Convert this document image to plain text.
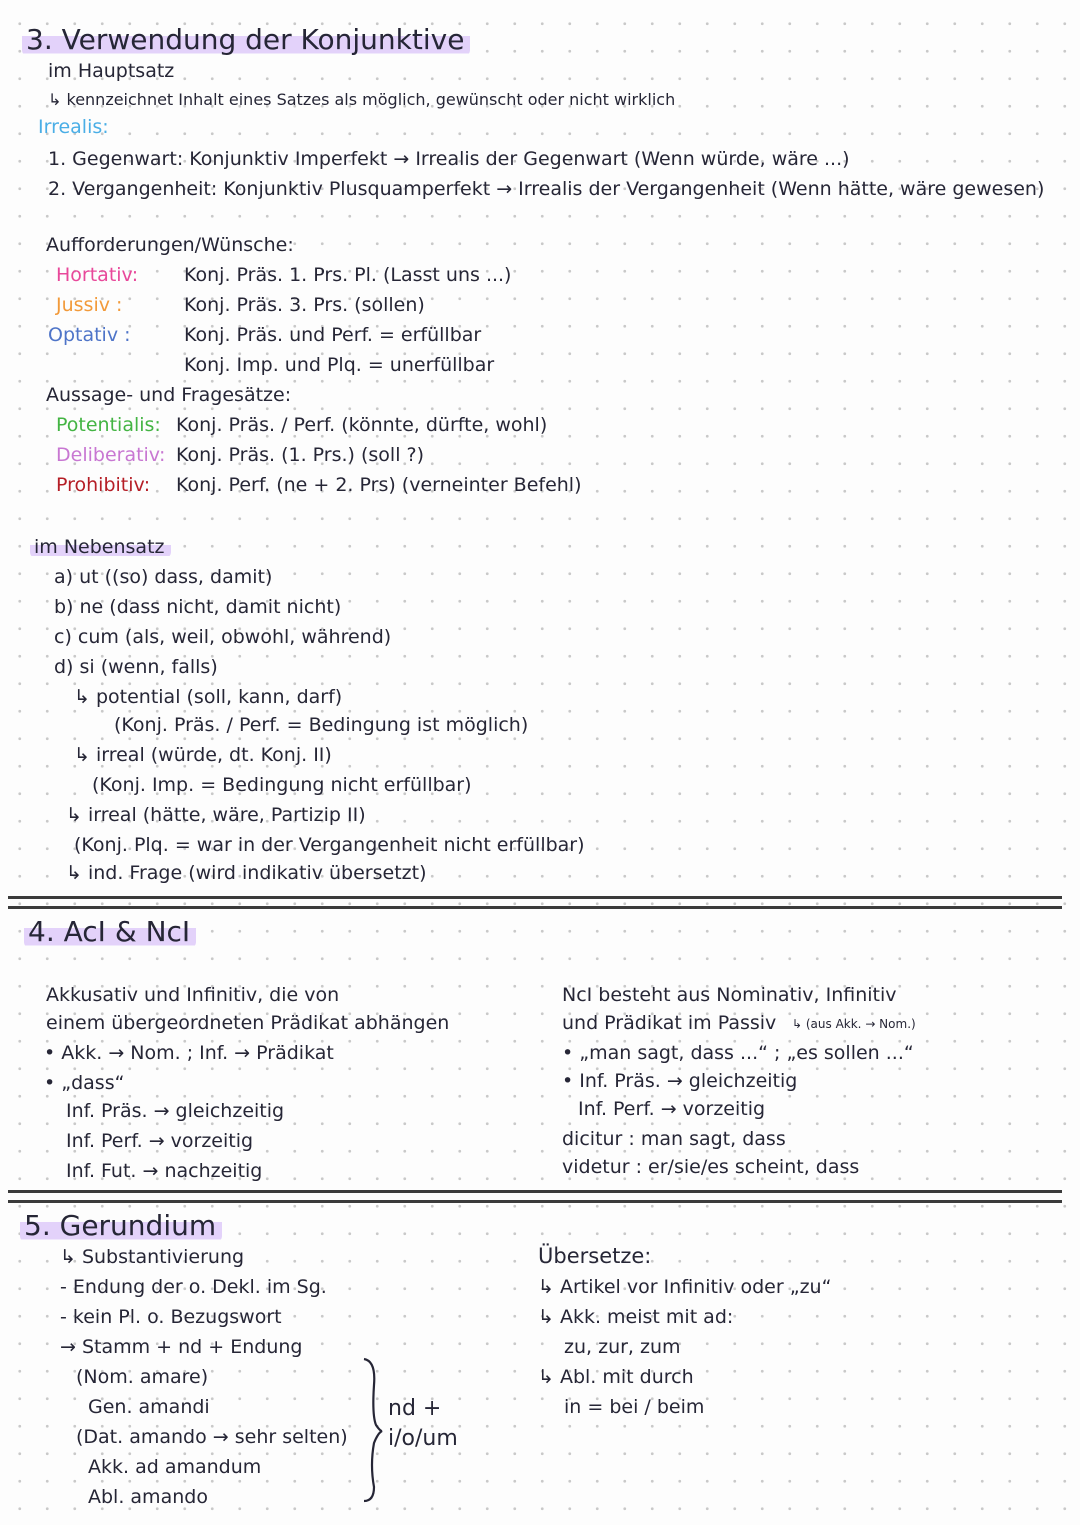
3. Verwendung der Konjunktive
im Hauptsatz
↳ kennzeichnet Inhalt eines Satzes als möglich, gewünscht oder nicht wirklich
Irrealis:
1. Gegenwart: Konjunktiv Imperfekt → Irrealis der Gegenwart (Wenn würde, wäre ...)
2. Vergangenheit: Konjunktiv Plusquamperfekt → Irrealis der Vergangenheit (Wenn hätte, wäre gewesen)
Aufforderungen/Wünsche:
Hortativ: Konj. Präs. 1. Prs. Pl. (Lasst uns ...)
Jussiv :	Konj. Präs. 3. Prs. (sollen)
Optativ :	Konj. Präs. und Perf. = erfüllbar
Konj. Imp. und Plq. = unerfüllbar
Aussage- und Fragesätze:
Potentialis: Konj. Präs. / Perf. (könnte, dürfte, wohl)
Deliberativ: Konj. Präs. (1. Prs.) (soll ?)
Prohibitiv: Konj. Perf. (ne + 2. Prs) (verneinter Befehl)
im Nebensatz
a) ut ((so) dass, damit)
b) ne (dass nicht, damit nicht)
c) cum (als, weil, obwohl, während)
d) si (wenn, falls)
↳ potential (soll, kann, darf)
(Konj. Präs. / Perf. = Bedingung ist möglich)
↳ irreal (würde, dt. Konj. II)
(Konj. Imp. = Bedingung nicht erfüllbar)
↳ irreal (hätte, wäre, Partizip II)
(Konj. Plq. = war in der Vergangenheit nicht erfüllbar)
↳ ind. Frage (wird indikativ übersetzt)
4. AcI & NcI
Akkusativ und Infinitiv, die von
einem übergeordneten Prädikat abhängen
• Akk. → Nom. ; Inf. → Prädikat
• „dass“
Inf. Präs. → gleichzeitig
Inf. Perf. → vorzeitig
Inf. Fut. → nachzeitig
NcI besteht aus Nominativ, Infinitiv
und Prädikat im Passiv ↳ (aus Akk. → Nom.)
• „man sagt, dass ...“ ; „es sollen ...“
• Inf. Präs. → gleichzeitig
Inf. Perf. → vorzeitig
dicitur : man sagt, dass
videtur : er/sie/es scheint, dass
5. Gerundium
↳ Substantivierung
- Endung der o. Dekl. im Sg.
- kein Pl. o. Bezugswort
→ Stamm + nd + Endung
(Nom. amare)
Gen. amandi
(Dat. amando → sehr selten)
Akk. ad amandum
Abl. amando
nd +
i/o/um
Übersetze:
↳ Artikel vor Infinitiv oder „zu“
↳ Akk. meist mit ad:
zu, zur, zum
↳ Abl. mit durch
in = bei / beim
